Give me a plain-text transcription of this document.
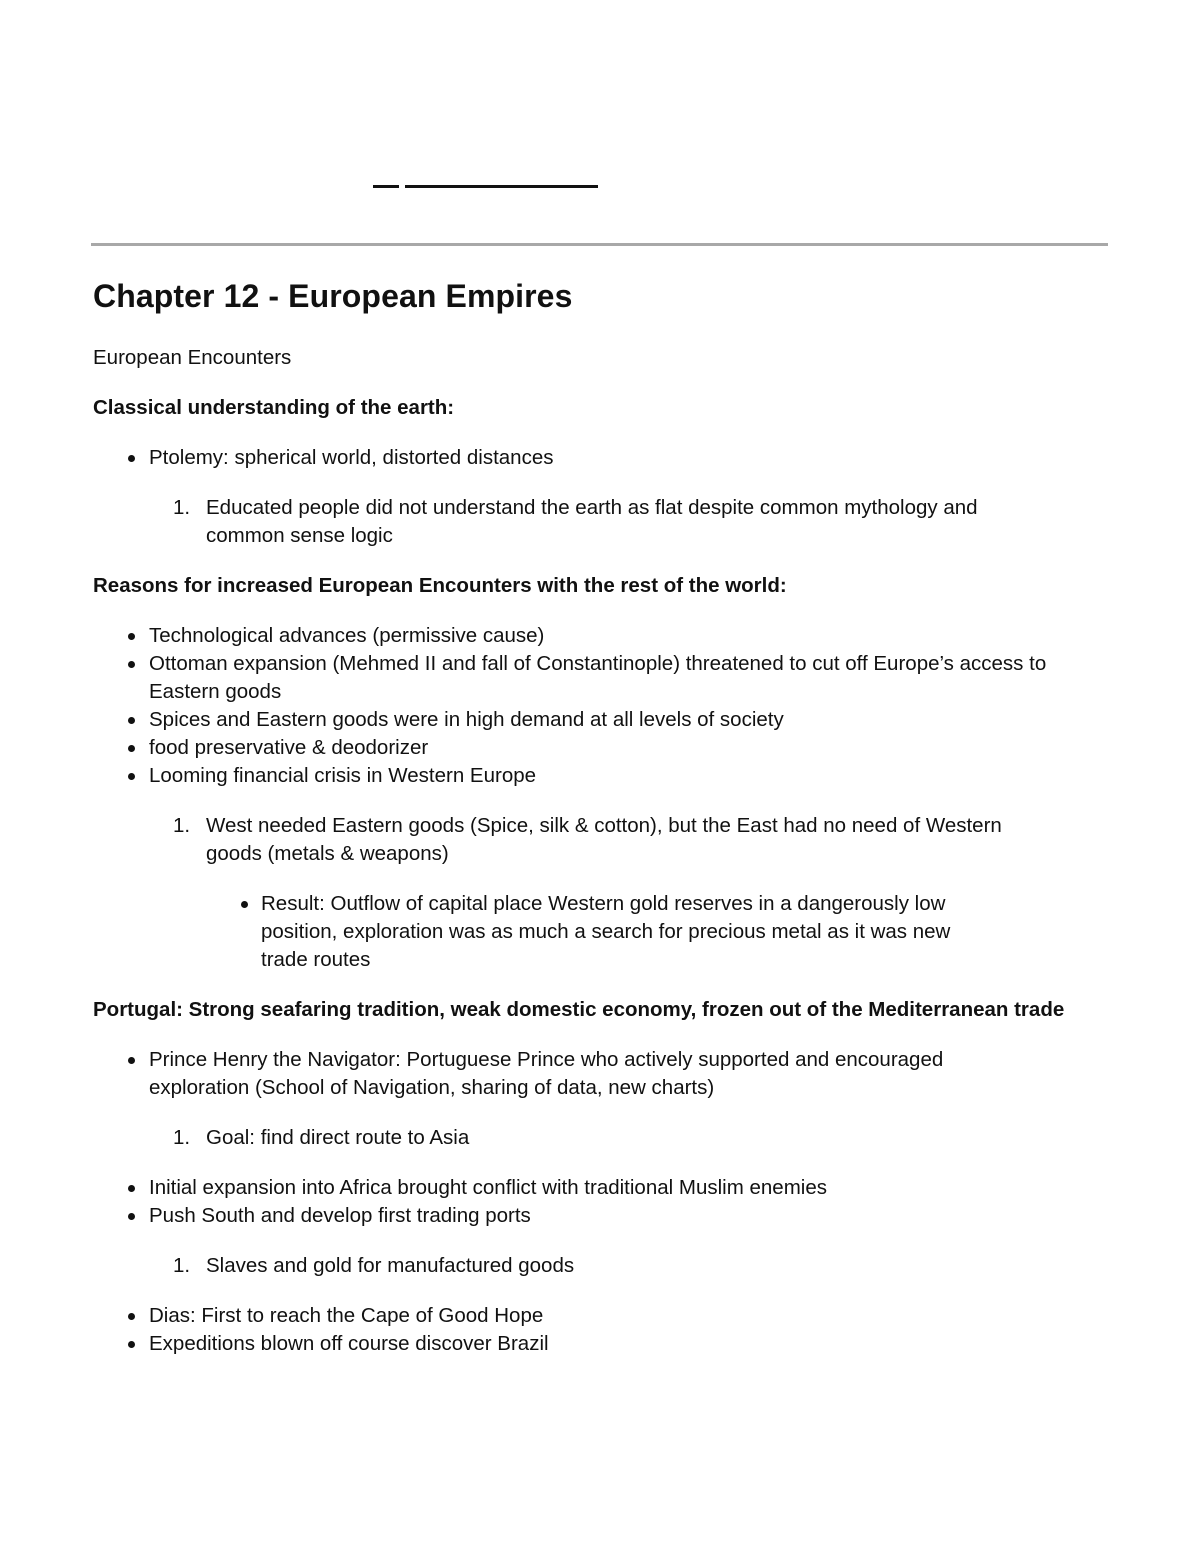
Chapter 12 - European Empires

European Encounters

Classical understanding of the earth:

Ptolemy: spherical world, distorted distances
1. Educated people did not understand the earth as flat despite common mythology and common sense logic

Reasons for increased European Encounters with the rest of the world:

Technological advances (permissive cause)
Ottoman expansion (Mehmed II and fall of Constantinople) threatened to cut off Europe’s access to Eastern goods
Spices and Eastern goods were in high demand at all levels of society
food preservative & deodorizer
Looming financial crisis in Western Europe
1. West needed Eastern goods (Spice, silk & cotton), but the East had no need of Western goods (metals & weapons)
Result: Outflow of capital place Western gold reserves in a dangerously low position, exploration was as much a search for precious metal as it was new trade routes

Portugal: Strong seafaring tradition, weak domestic economy, frozen out of the Mediterranean trade

Prince Henry the Navigator: Portuguese Prince who actively supported and encouraged exploration (School of Navigation, sharing of data, new charts)
1. Goal: find direct route to Asia
Initial expansion into Africa brought conflict with traditional Muslim enemies
Push South and develop first trading ports
1. Slaves and gold for manufactured goods
Dias: First to reach the Cape of Good Hope
Expeditions blown off course discover Brazil
